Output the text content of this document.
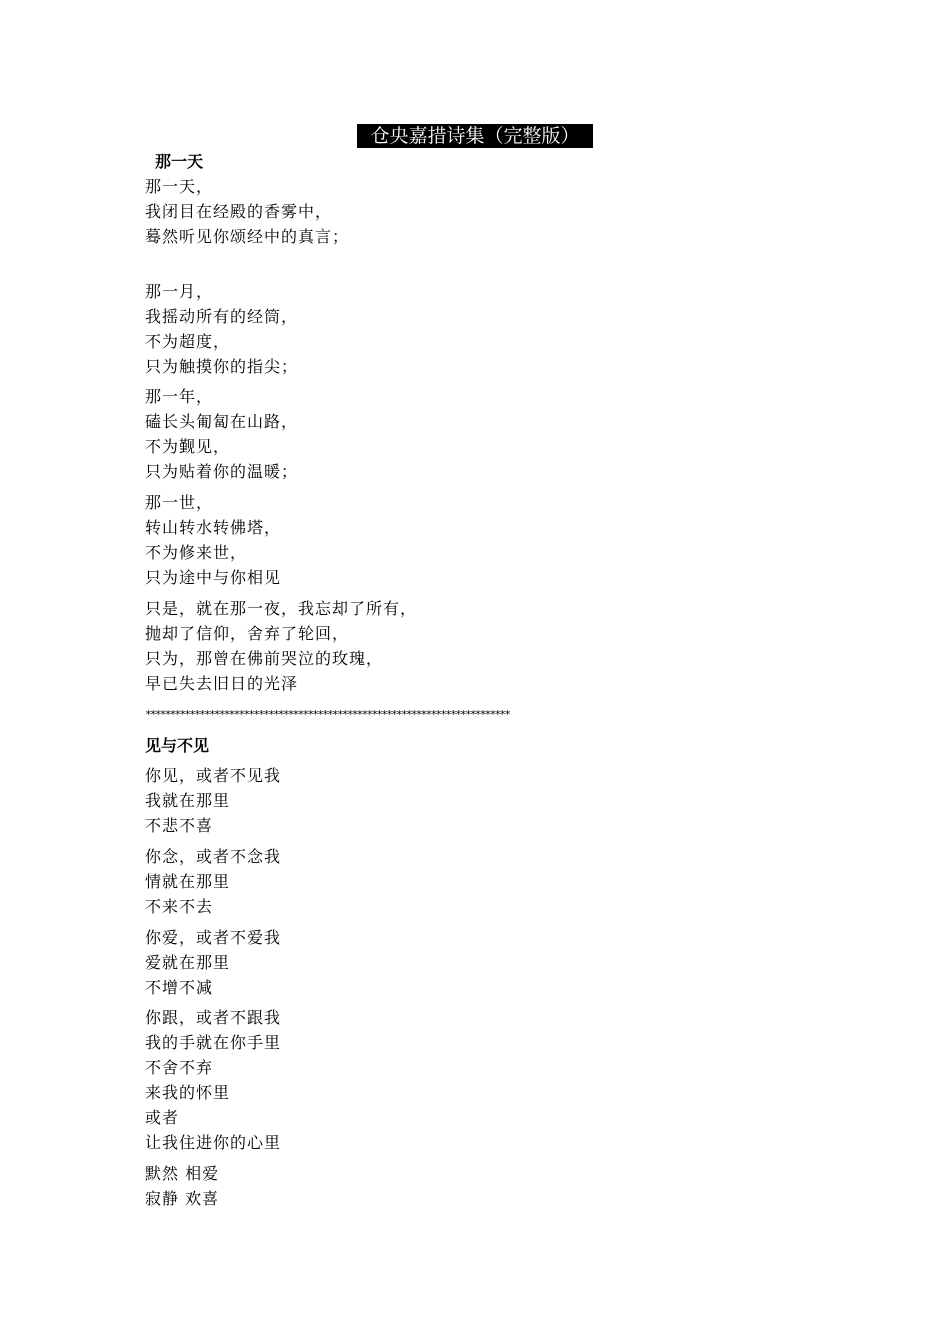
仓央嘉措诗集（完整版）
那一天
那一天，
我闭目在经殿的香雾中，
蓦然听见你颂经中的真言；
那一月，
我摇动所有的经筒，
不为超度，
只为触摸你的指尖；
那一年，
磕长头匍匐在山路，
不为觐见，
只为贴着你的温暖；
那一世，
转山转水转佛塔，
不为修来世，
只为途中与你相见
只是，就在那一夜，我忘却了所有，
抛却了信仰，舍弃了轮回，
只为，那曾在佛前哭泣的玫瑰，
早已失去旧日的光泽
**************************************************************************
见与不见
你见，或者不见我
我就在那里
不悲不喜
你念，或者不念我
情就在那里
不来不去
你爱，或者不爱我
爱就在那里
不增不减
你跟，或者不跟我
我的手就在你手里
不舍不弃
来我的怀里
或者
让我住进你的心里
默然 相爱
寂静 欢喜
